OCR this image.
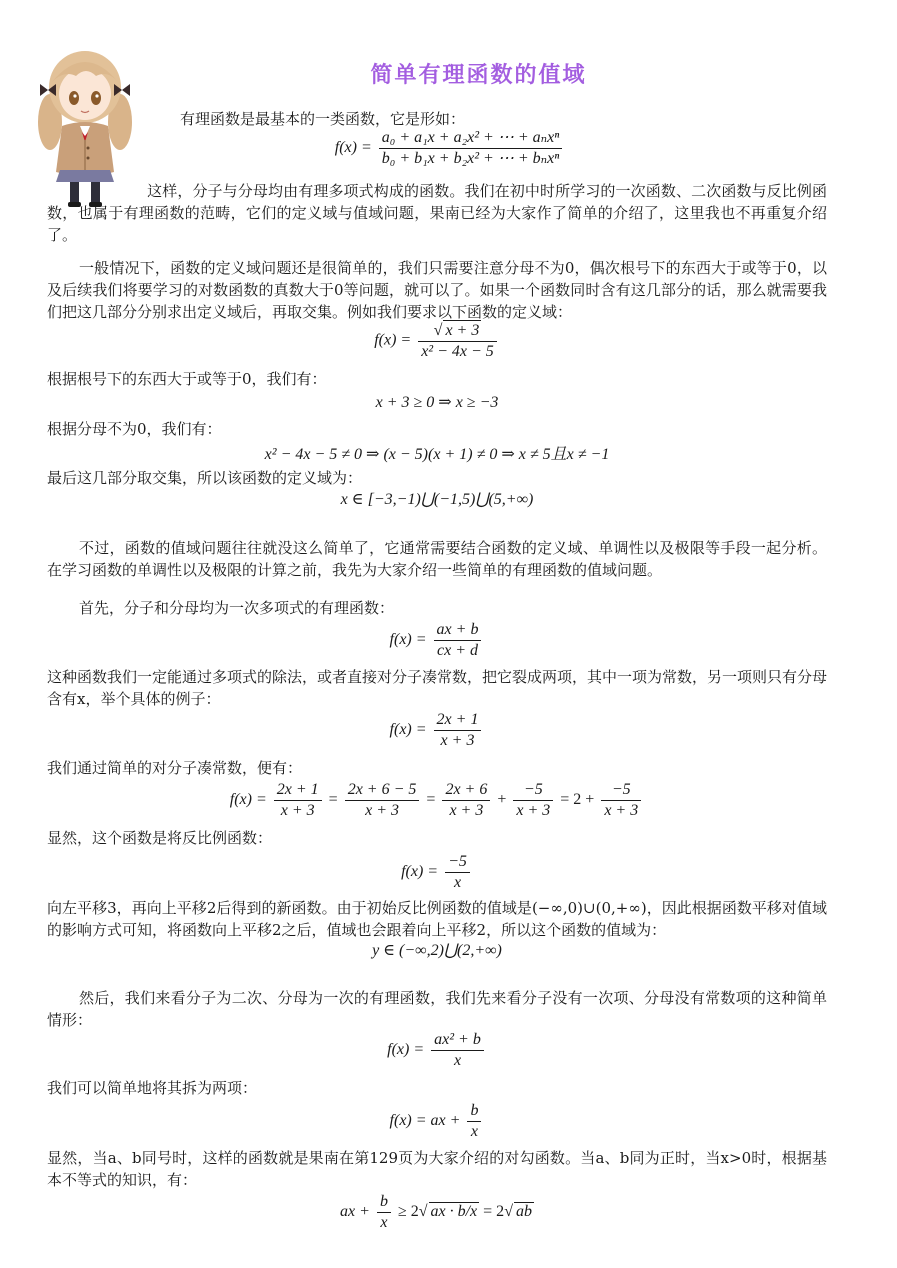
简单有理函数的值域
有理函数是最基本的一类函数，它是形如：
$f(x) = \frac{\text{a₀ + a₁x + a₂x² + ⋯ + aₙxⁿ}}{\text{b₀ + b₁x + b₂x² + ⋯ + bₙxⁿ}}$
这样，分子与分母均由有理多项式构成的函数。我们在初中时所学习的一次函数、二次函数与反比例函数，也属于有理函数的范畴，它们的定义域与值域问题，果南已经为大家作了简单的介绍了，这里我也不再重复介绍了。
一般情况下，函数的定义域问题还是很简单的，我们只需要注意分母不为0，偶次根号下的东西大于或等于0，以及后续我们将要学习的对数函数的真数大于0等问题，就可以了。如果一个函数同时含有这几部分的话，那么就需要我们把这几部分分别求出定义域后，再取交集。例如我们要求以下函数的定义域：
$f(x) = \frac{√ x + 3}{\text{x² − 4x − 5}}$
根据根号下的东西大于或等于0，我们有：
x + 3 ≥ 0 ⇒ x ≥ −3
根据分母不为0，我们有：
x² − 4x − 5 ≠ 0 ⇒ (x − 5)(x + 1) ≠ 0 ⇒ x ≠ 5且x ≠ −1
最后这几部分取交集，所以该函数的定义域为：
x ∈ [−3,−1)⋃(−1,5)⋃(5,+∞)
不过，函数的值域问题往往就没这么简单了，它通常需要结合函数的定义域、单调性以及极限等手段一起分析。在学习函数的单调性以及极限的计算之前，我先为大家介绍一些简单的有理函数的值域问题。
首先，分子和分母均为一次多项式的有理函数：
$f(x) = \frac{ax + b}{cx + d}$
这种函数我们一定能通过多项式的除法，或者直接对分子凑常数，把它裂成两项，其中一项为常数，另一项则只有分母含有x，举个具体的例子：
$f(x) = \frac{2x + 1}{x + 3}$
我们通过简单的对分子凑常数，便有：
$f(x) = \frac{2x + 1}{x + 3} = \frac{2x + 6 - 5}{x + 3} = \frac{2x + 6}{x + 3} + \frac{-5}{x + 3} = 2 + \frac{-5}{x + 3}$
显然，这个函数是将反比例函数：
$f(x) = \frac{-5}{x}$
向左平移3，再向上平移2后得到的新函数。由于初始反比例函数的值域是(−∞,0)∪(0,+∞)，因此根据函数平移对值域的影响方式可知，将函数向上平移2之后，值域也会跟着向上平移2，所以这个函数的值域为：
y ∈ (−∞,2)⋃(2,+∞)
然后，我们来看分子为二次、分母为一次的有理函数，我们先来看分子没有一次项、分母没有常数项的这种简单情形：
$f(x) = \frac{\text{ax² + b}}{x}$
我们可以简单地将其拆为两项：
f(x) = ax + $\frac{b}{x}$
显然，当a、b同号时，这样的函数就是果南在第129页为大家介绍的对勾函数。当a、b同为正时，当x>0时，根据基本不等式的知识，有：
ax + $\frac{b}{x} \ge 2√$ ax · b/x = 2√ ab
